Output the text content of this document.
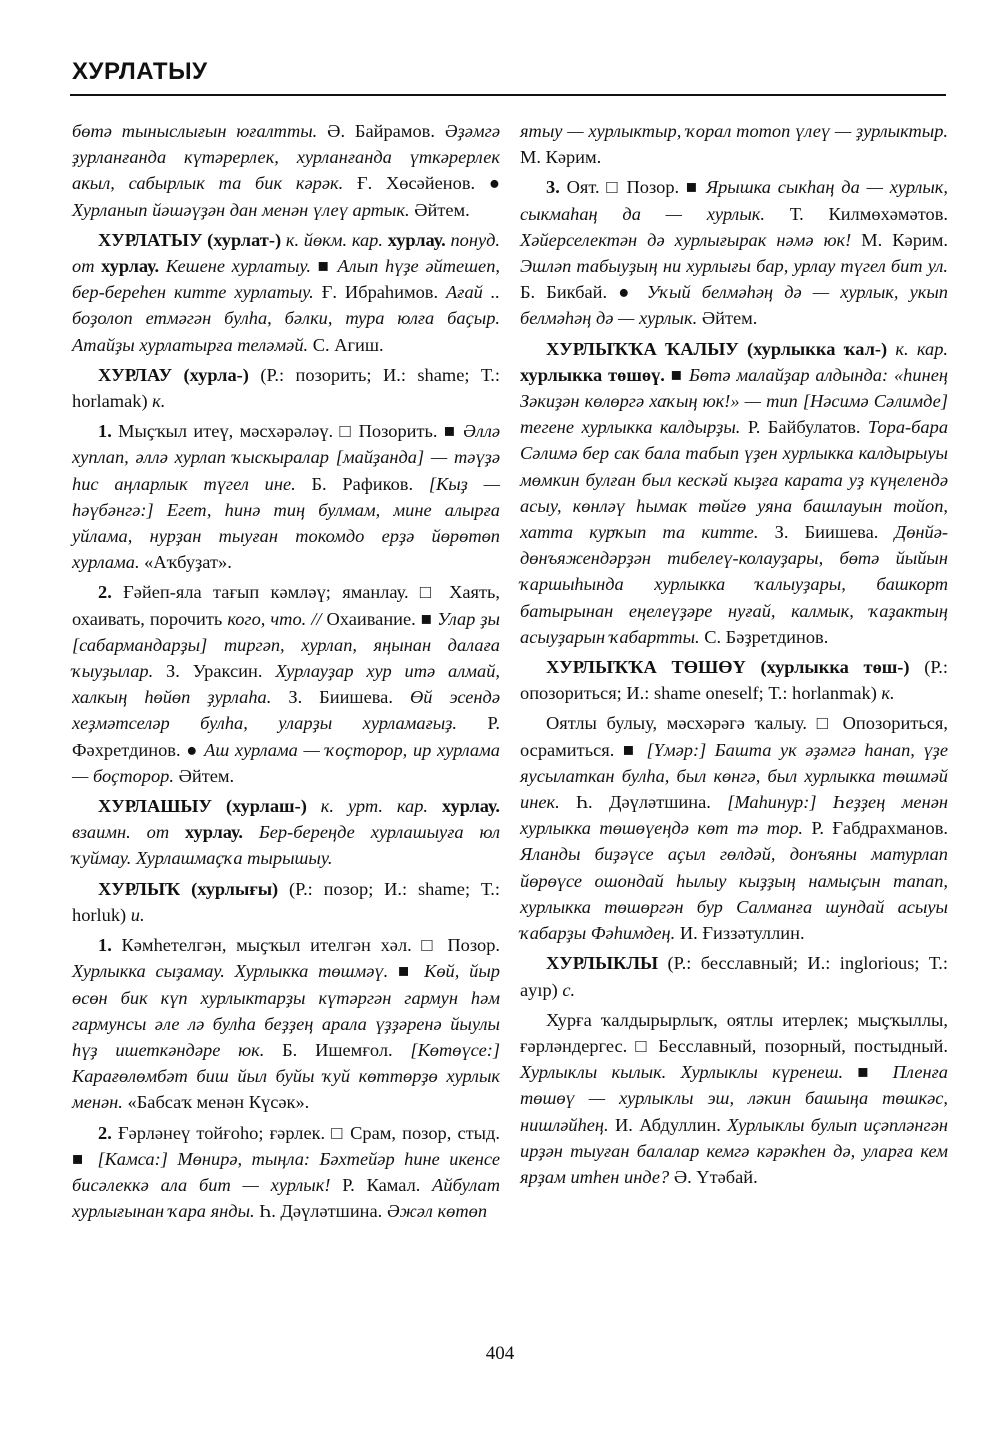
ХУРЛАТЫУ

бөтә тыныслығын юғалтты. Ә. Байрамов. Әҙәмгә ҙурланғанда күтәрерлек, хурланғанда үткәрерлек акыл, сабырлык та бик кәрәк. Ғ. Хөсәйенов. ● Хурланып йәшәүҙән дан менән үлеү артык. Әйтем.

ХУРЛАТЫУ (хурлат-) к. йөкм. кар. хурлау. понуд. от хурлау. Кешене хурлатыу. ■ Алып һүҙе әйтешеп, бер-береһен китте хурлатыу. Ғ. Ибраһимов. Ағай .. боҙолоп етмәгән булһа, бәлки, тура юлға баҫыр. Атайҙы хурлатырға теләмәй. С. Агиш.

ХУРЛАУ (хурла-) (Р.: позорить; И.: shame; Т.: horlamak) к.

1. Мыҫҡыл итеү, мәсхәрәләү. □ Позорить. ■ Әллә хуплап, әллә хурлап ҡыскыралар [майҙанда] — тәүҙә һис аңларлык түгел ине. Б. Рафиков. [Кыҙ — һәүбәнгә:] Егет, һинә тиң булмам, мине алырға уйлама, нурҙан тыуған токомдо ерҙә йөрөтөп хурлама. «Аҡбуҙат».

2. Ғәйеп-яла тағып кәмләү; яманлау. □ Хаять, охаивать, порочить кого, что. // Охаивание. ■ Улар ҙы [сабармандарҙы] тиргәп, хурлап, яңынан далаға ҡыуҙылар. З. Ураксин. Хурлауҙар хур итә алмай, халкың һөйөп ҙурлаһа. З. Биишева. Өй эсендә хеҙмәтселәр булһа, уларҙы хурламағыҙ. Р. Фәхретдинов. ● Аш хурлама — ҡоҫторор, ир хурлама — боҫторор. Әйтем.

ХУРЛАШЫУ (хурлаш-) к. урт. кар. хурлау. взаимн. от хурлау. Бер-береңде хурлашыуға юл ҡуймау. Хурлашмаҫҡа тырышыу.

ХУРЛЫҠ (хурлығы) (Р.: позор; И.: shame; Т.: horluk) и.

1. Кәмһетелгән, мыҫҡыл ителгән хәл. □ Позор. Хурлыкка сыҙамау. Хурлыкка төшмәү. ■ Көй, йыр өсөн бик күп хурлыктарҙы күтәргән гармун һәм гармунсы әле лә булһа беҙҙең арала үҙҙәренә йыулы һүҙ ишеткәндәре юк. Б. Ишемғол. [Көтөүсе:] Карағөлөмбәт биш йыл буйы ҡуй көттөрҙө хурлык менән. «Бабсаҡ менән Күсәк».

2. Ғәрләнеү тойғоһо; ғәрлек. □ Срам, позор, стыд. ■ [Камса:] Мөнирә, тыңла: Бәхтейәр һине икенсе бисәлеккә ала бит — хурлык! Р. Камал. Айбулат хурлығынан ҡара янды. Һ. Дәүләтшина. Әжәл көтөп

ятыу — хурлыктыр, ҡорал тотоп үлеү — ҙурлыктыр. М. Кәрим.

3. Оят. □ Позор. ■ Ярышка сыкһаң да — хурлык, сыкмаһаң да — хурлык. Т. Килмөхәмәтов. Хәйерселектән дә хурлығырак нәмә юк! М. Кәрим. Эшләп табыуҙың ни хурлығы бар, урлау түгел бит ул. Б. Бикбай. ● Уҡый белмәһәң дә — хурлык, укып белмәһәң дә — хурлык. Әйтем.

ХУРЛЫҠҠА ҠАЛЫУ (хурлыкка ҡал-) к. кар. хурлыкка төшөү. ■ Бөтә малайҙар алдында: «һинең Зәкиҙән көлөргә хаҡың юк!» — тип [Нәсимә Сәлимде] тегене хурлыкка калдырҙы. Р. Байбулатов. Тора-бара Сәлимә бер сак бала табып үҙен хурлыкка калдырыуы мөмкин булған был кескәй кыҙға карата уҙ күңелендә асыу, көнләү һымак төйгө уяна башлауын тойоп, хатта курҡып та китте. З. Биишева. Дөнйә-дөнъяжендәрҙән тибелеү-колауҙары, бөтә йыйын ҡаршыһында хурлыкка ҡалыуҙары, башкорт батырынан еңелеүҙәре нуғай, калмык, ҡаҙактың асыуҙарын ҡабартты. С. Бәҙретдинов.

ХУРЛЫҠҠА ТӨШӨҮ (хурлыкка төш-) (Р.: опозориться; И.: shame oneself; Т.: horlanmak) к.

Оятлы булыу, мәсхәрәгә ҡалыу. □ Опозориться, осрамиться. ■ [Үмәр:] Башта ук әҙәмгә һанап, үҙе яусылаткан булһа, был көнгә, был хурлыкка төшмәй инек. Һ. Дәүләтшина. [Маһинур:] Һеҙҙең менән хурлыкка төшөүеңдә көт тә тор. Р. Ғабдрахманов. Яланды биҙәүсе аҫыл гөлдәй, донъяны матурлап йөрөүсе ошондай һылыу кыҙҙың намыҫын тапап, хурлыкка төшөргән бур Салманға шундай асыуы ҡабарҙы Фәһимдең. И. Ғиззәтуллин.

ХУРЛЫКЛЫ (Р.: бесславный; И.: inglorious; Т.: ayıp) с.

Хурға ҡалдырырлыҡ, оятлы итерлек; мыҫҡыллы, ғәрләндергес. □ Бесславный, позорный, постыдный. Хурлыклы кылык. Хурлыклы күренеш. ■ Пленға төшөү — хурлыклы эш, ләкин башыңа төшкәс, нишләйһең. И. Абдуллин. Хурлыклы булып иҫәпләнгән ирҙән тыуған балалар кемгә кәрәкһен дә, уларға кем ярҙам итһен инде? Ә. Үтәбай.

404
